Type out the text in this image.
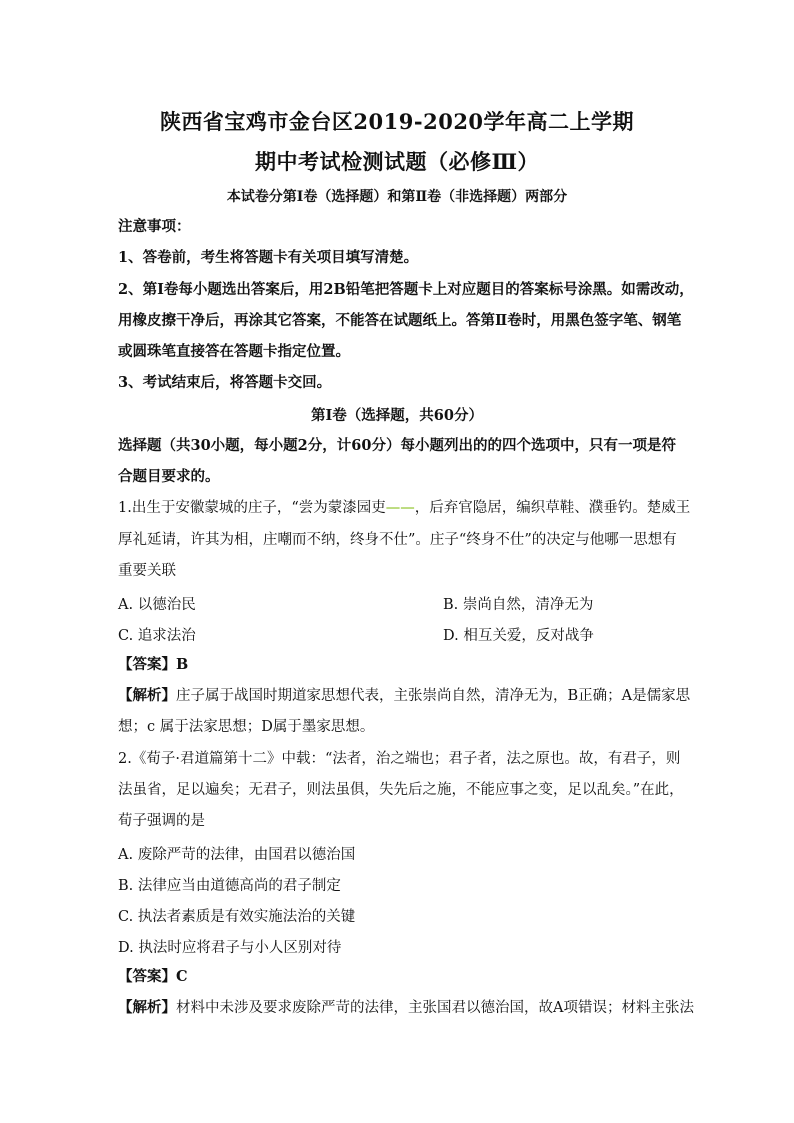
陕西省宝鸡市金台区2019-2020学年高二上学期
期中考试检测试题（必修Ⅲ）
本试卷分第Ⅰ卷（选择题）和第Ⅱ卷（非选择题）两部分
注意事项：
1、答卷前，考生将答题卡有关项目填写清楚。
2、第Ⅰ卷每小题选出答案后，用2B铅笔把答题卡上对应题目的答案标号涂黑。如需改动，
用橡皮擦干净后，再涂其它答案，不能答在试题纸上。答第Ⅱ卷时，用黑色签字笔、钢笔
或圆珠笔直接答在答题卡指定位置。
3、考试结束后，将答题卡交回。
第Ⅰ卷（选择题，共60分）
选择题（共30小题，每小题2分，计60分）每小题列出的的四个选项中，只有一项是符
合题目要求的。
1.出生于安徽蒙城的庄子，“尝为蒙漆园吏——，后弃官隐居，编织草鞋、濮垂钓。楚威王
厚礼延请，许其为相，庄嘲而不纳，终身不仕”。庄子“终身不仕”的决定与他哪一思想有
重要关联
A. 以德治民	B. 崇尚自然，清净无为
C. 追求法治	D. 相互关爱，反对战争
【答案】B
【解析】庄子属于战国时期道家思想代表，主张崇尚自然，清净无为，B正确；A是儒家思
想；c 属于法家思想；D属于墨家思想。
2.《荀子·君道篇第十二》中载：“法者，治之端也；君子者，法之原也。故，有君子，则
法虽省，足以遍矣；无君子，则法虽俱，失先后之施，不能应事之变，足以乱矣。”在此，
荀子强调的是
A. 废除严苛的法律，由国君以德治国
B. 法律应当由道德高尚的君子制定
C. 执法者素质是有效实施法治的关键
D. 执法时应将君子与小人区别对待
【答案】C
【解析】材料中未涉及要求废除严苛的法律，主张国君以德治国，故A项错误；材料主张法
